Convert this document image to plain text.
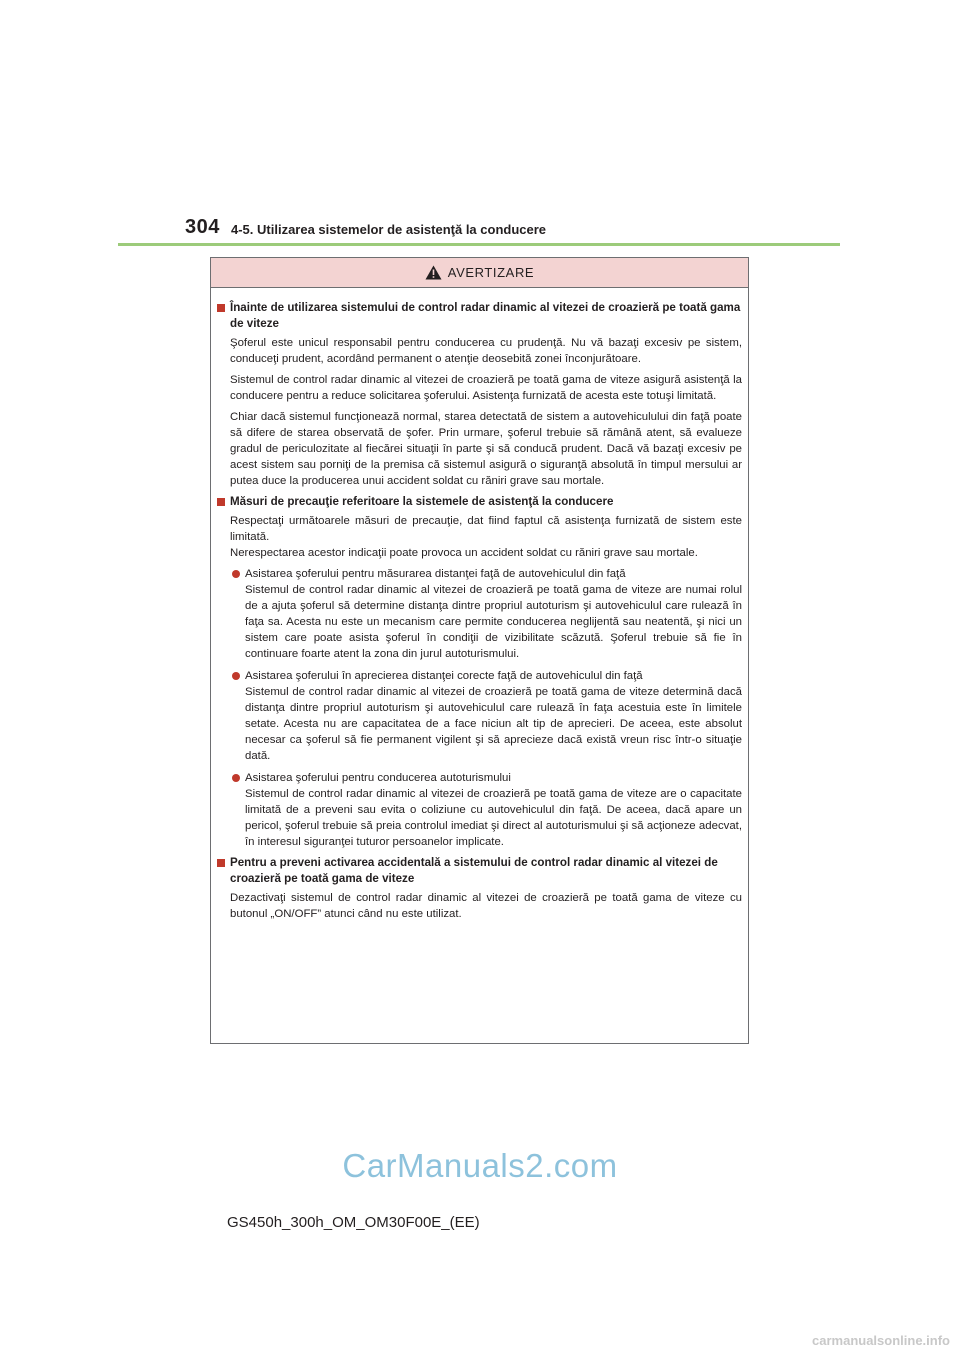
304 4-5. Utilizarea sistemelor de asistenţă la conducere
AVERTIZARE
Înainte de utilizarea sistemului de control radar dinamic al vitezei de croazieră pe toată gama de viteze

Şoferul este unicul responsabil pentru conducerea cu prudenţă. Nu vă bazaţi excesiv pe sistem, conduceţi prudent, acordând permanent o atenţie deosebită zonei înconjurătoare.

Sistemul de control radar dinamic al vitezei de croazieră pe toată gama de viteze asigură asistenţă la conducere pentru a reduce solicitarea şoferului. Asistenţa furnizată de acesta este totuşi limitată.

Chiar dacă sistemul funcţionează normal, starea detectată de sistem a autovehiculului din faţă poate să difere de starea observată de şofer. Prin urmare, şoferul trebuie să rămână atent, să evalueze gradul de periculozitate al fiecărei situaţii în parte şi să conducă prudent. Dacă vă bazaţi excesiv pe acest sistem sau porniţi de la premisa că sistemul asigură o siguranţă absolută în timpul mersului ar putea duce la producerea unui accident soldat cu răniri grave sau mortale.

Măsuri de precauţie referitoare la sistemele de asistenţă la conducere

Respectaţi următoarele măsuri de precauţie, dat fiind faptul că asistenţa furnizată de sistem este limitată.
Nerespectarea acestor indicaţii poate provoca un accident soldat cu răniri grave sau mortale.

Asistarea şoferului pentru măsurarea distanţei faţă de autovehiculul din faţă
Sistemul de control radar dinamic al vitezei de croazieră pe toată gama de viteze are numai rolul de a ajuta şoferul să determine distanţa dintre propriul autoturism şi autovehiculul care rulează în faţa sa. Acesta nu este un mecanism care permite conducerea neglijentă sau neatentă, şi nici un sistem care poate asista şoferul în condiţii de vizibilitate scăzută. Şoferul trebuie să fie în continuare foarte atent la zona din jurul autoturismului.
Asistarea şoferului în aprecierea distanţei corecte faţă de autovehiculul din faţă
Sistemul de control radar dinamic al vitezei de croazieră pe toată gama de viteze determină dacă distanţa dintre propriul autoturism şi autovehiculul care rulează în faţa acestuia este în limitele setate. Acesta nu are capacitatea de a face niciun alt tip de aprecieri. De aceea, este absolut necesar ca şoferul să fie permanent vigilent şi să aprecieze dacă există vreun risc într-o situaţie dată.
Asistarea şoferului pentru conducerea autoturismului
Sistemul de control radar dinamic al vitezei de croazieră pe toată gama de viteze are o capacitate limitată de a preveni sau evita o coliziune cu autovehiculul din faţă. De aceea, dacă apare un pericol, şoferul trebuie să preia controlul imediat şi direct al autoturismului şi să acţioneze adecvat, în interesul siguranţei tuturor persoanelor implicate.
Pentru a preveni activarea accidentală a sistemului de control radar dinamic al vitezei de croazieră pe toată gama de viteze

Dezactivaţi sistemul de control radar dinamic al vitezei de croazieră pe toată gama de viteze cu butonul „ON/OFF” atunci când nu este utilizat.

CarManuals2.com
GS450h_300h_OM_OM30F00E_(EE)
carmanualsonline.info
